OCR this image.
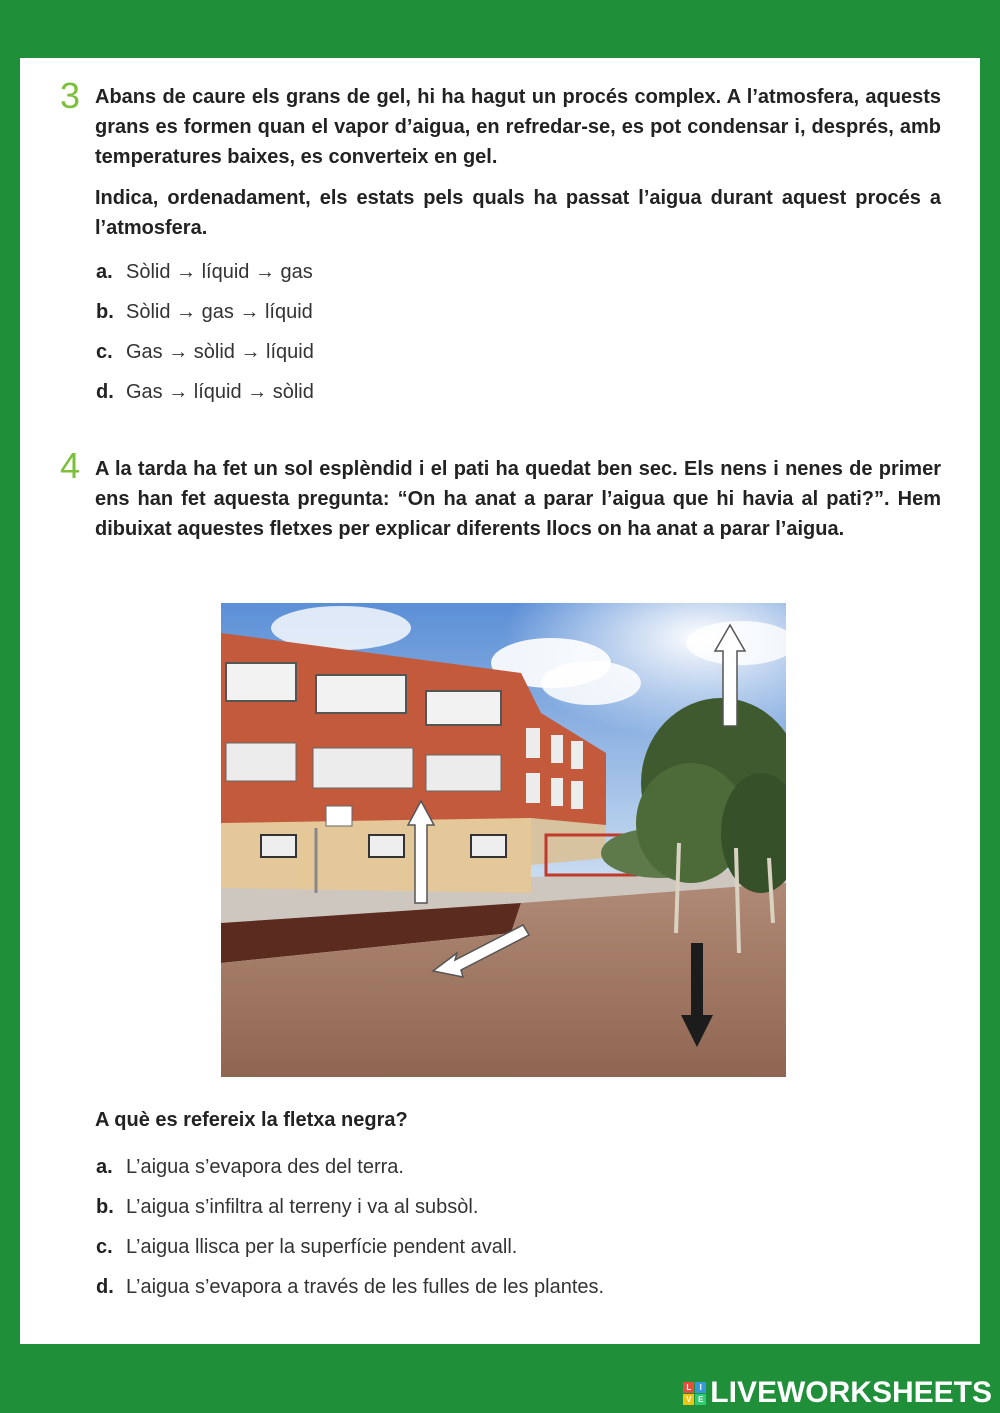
3 Abans de caure els grans de gel, hi ha hagut un procés complex. A l’atmosfera, aquests grans es formen quan el vapor d’aigua, en refredar-se, es pot condensar i, després, amb temperatures baixes, es converteix en gel.

Indica, ordenadament, els estats pels quals ha passat l’aigua durant aquest procés a l’atmosfera.

a. Sòlid → líquid → gas
b. Sòlid → gas → líquid
c. Gas → sòlid → líquid
d. Gas → líquid → sòlid
4 A la tarda ha fet un sol esplèndid i el pati ha quedat ben sec. Els nens i nenes de primer ens han fet aquesta pregunta: “On ha anat a parar l’aigua que hi havia al pati?”. Hem dibuixat aquestes fletxes per explicar diferents llocs on ha anat a parar l’aigua.

A què es refereix la fletxa negra?

a. L’aigua s’evapora des del terra.
b. L’aigua s’infiltra al terreny i va al subsòl.
c. L’aigua llisca per la superfície pendent avall.
d. L’aigua s’evapora a través de les fulles de les plantes.
L	I
V E LIVEWORKSHEETS
